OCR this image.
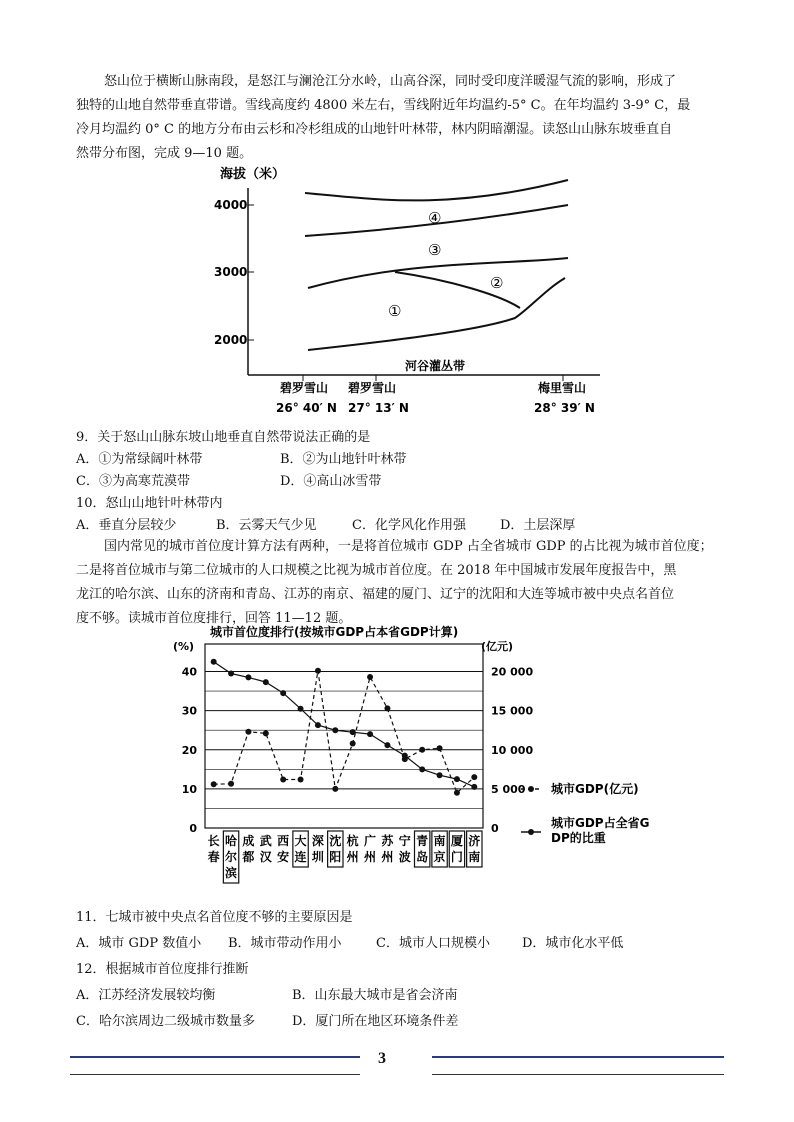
怒山位于横断山脉南段，是怒江与澜沧江分水岭，山高谷深，同时受印度洋暖湿气流的影响，形成了
独特的山地自然带垂直带谱。雪线高度约 4800 米左右，雪线附近年均温约-5° C。在年均温约 3-9° C，最
冷月均温约 0° C 的地方分布由云杉和冷杉组成的山地针叶林带，林内阴暗潮湿。读怒山山脉东坡垂直自
然带分布图，完成 9—10 题。
海拔（米）
4000
3000
2000
④
③
②
①
河谷灌丛带
碧罗雪山
26° 40′ N
碧罗雪山
27° 13′ N
梅里雪山
28° 39′ N
9．关于怒山山脉东坡山地垂直自然带说法正确的是
A．①为常绿阔叶林带	B．②为山地针叶林带
C．③为高寒荒漠带	D．④高山冰雪带
10．怒山山地针叶林带内
A．垂直分层较少	B．云雾天气少见	C．化学风化作用强	D．土层深厚
国内常见的城市首位度计算方法有两种，一是将首位城市 GDP 占全省城市 GDP 的占比视为城市首位度；
二是将首位城市与第二位城市的人口规模之比视为城市首位度。在 2018 年中国城市发展年度报告中，黑
龙江的哈尔滨、山东的济南和青岛、江苏的南京、福建的厦门、辽宁的沈阳和大连等城市被中央点名首位
度不够。读城市首位度排行，回答 11—12 题。
城市首位度排行(按城市GDP占本省GDP计算)
(%)	(亿元)
40
30
20
10
0
20 000
15 000
10 000
5 000
0
长
春
哈
尔
滨
成
都
武
汉
西
安
大
连
深
圳
沈
阳
杭
州
广
州
苏
州
宁
波
青
岛
南
京
厦
门
济
南
城市GDP(亿元)
城市GDP占全省G DP的比重
11．七城市被中央点名首位度不够的主要原因是
A．城市 GDP 数值小 B．城市带动作用小	C．城市人口规模小 D．城市化水平低
12．根据城市首位度排行推断
A．江苏经济发展较均衡	B．山东最大城市是省会济南
C．哈尔滨周边二级城市数量多	D．厦门所在地区环境条件差
3
